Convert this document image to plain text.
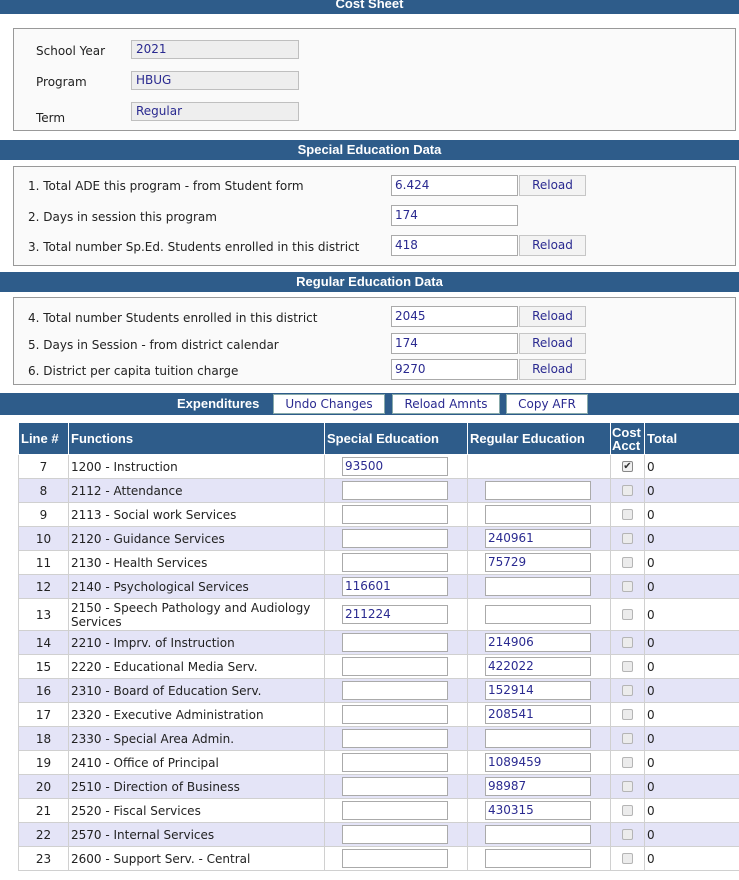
Cost Sheet
School Year	2021
Program	HBUG
Term	Regular
Special Education Data
1. Total ADE this program - from Student form	6.424	Reload
2. Days in session this program	174
3. Total number Sp.Ed. Students enrolled in this district	418	Reload
Regular Education Data
4. Total number Students enrolled in this district	2045	Reload
5. Days in Session - from district calendar	174	Reload
6. District per capita tuition charge	9270	Reload
Expenditures	Undo Changes	Reload Amnts	Copy AFR
Line #	Functions	Special Education	Regular Education	Cost Acct	Total
7	1200 - Instruction	93500		✔	0
8	2112 - Attendance				0
9	2113 - Social work Services				0
10	2120 - Guidance Services		240961		0
11	2130 - Health Services		75729		0
12	2140 - Psychological Services	116601			0
13	2150 - Speech Pathology and Audiology Services	211224			0
14	2210 - Imprv. of Instruction		214906		0
15	2220 - Educational Media Serv.		422022		0
16	2310 - Board of Education Serv.		152914		0
17	2320 - Executive Administration		208541		0
18	2330 - Special Area Admin.				0
19	2410 - Office of Principal		1089459		0
20	2510 - Direction of Business		98987		0
21	2520 - Fiscal Services		430315		0
22	2570 - Internal Services				0
23	2600 - Support Serv. - Central				0
